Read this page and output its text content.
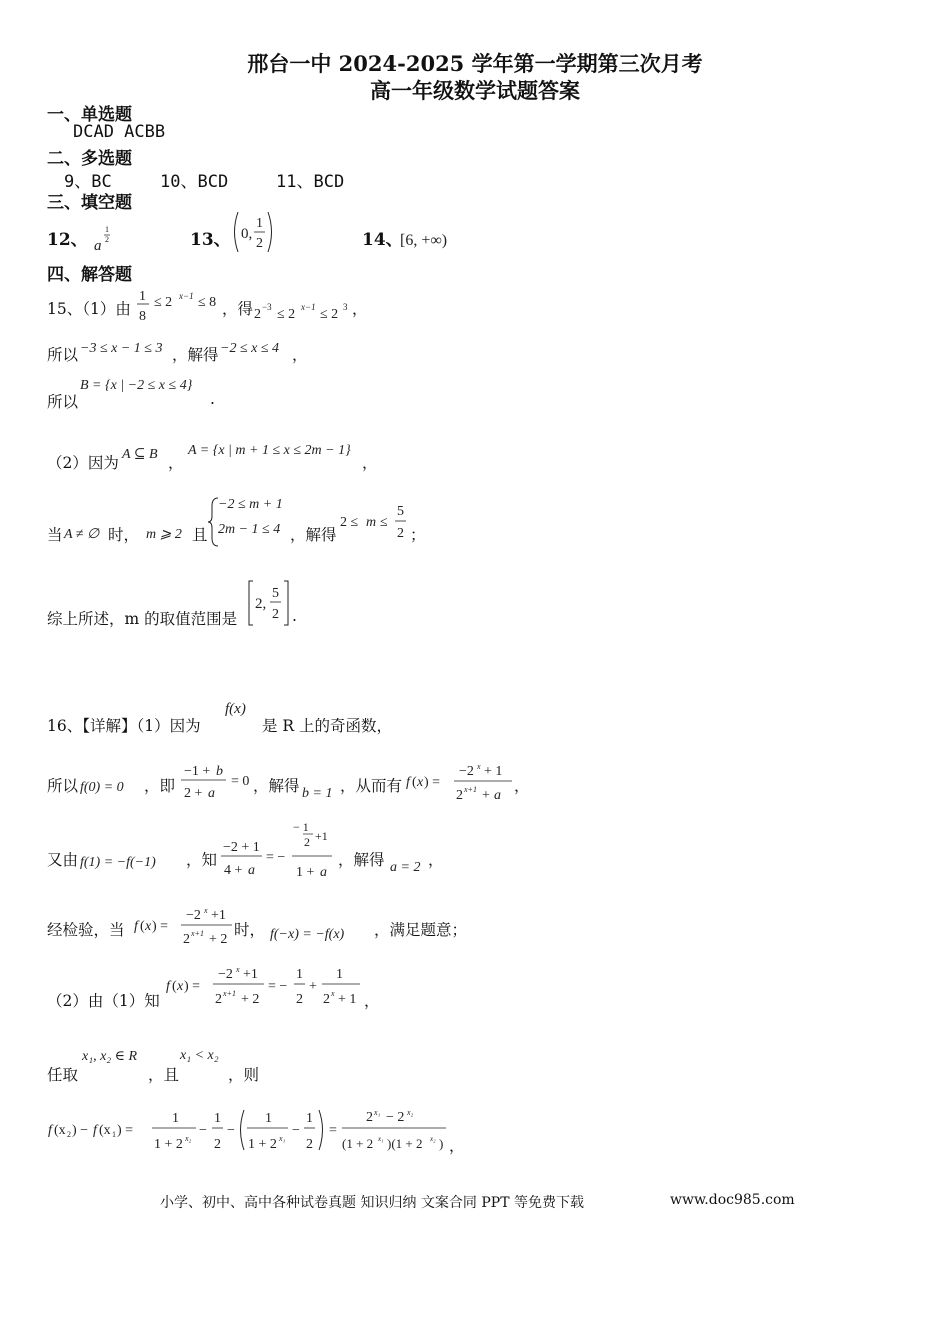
邢台一中 2024-2025 学年第一学期第三次月考
高一年级数学试题答案
一、单选题
DCAD ACBB
二、多选题
9、BC	10、BCD	11、BCD
三、填空题
12、 a
1
2	13、 0,
1
2	14、
[6, +∞)
四、解答题
15、（1）由
1
8
≤ 2 x−1 ≤ 8 ，得 2 −3 ≤ 2 x−1 ≤ 2 3 ，
所以 −3 ≤ x − 1 ≤ 3 ，解得 −2 ≤ x ≤ 4 ，
所以
B = {x | −2 ≤ x ≤ 4}
.
（2）因为 A ⊆ B ，
A = {x | m + 1 ≤ x ≤ 2m − 1}
，
当 A ≠ ∅ 时， m ⩾ 2 且
−2 ≤ m + 1
2m − 1 ≤ 4 ，解得
2 ≤ m ≤
5
2 ；
综上所述，m 的取值范围是
2,
5
2 .
16、【详解】（1）因为
f(x)
是 R 上的奇函数，
所以 f(0) = 0 ，即
−1 + b
2 + a
= 0 ，解得 b = 1 ，从而有 f ( x ) =
−2 x + 1
2 x+1 + a
，
又由 f(1) = −f(−1) ，知
−2 + 1
4 + a
= −
− 1
2 +1
1 + a
，解得 a = 2 ，
经检验，当 f ( x ) =
−2 x +1
2 x+1 + 2
时， f(−x) = −f(x) ，满足题意；
（2）由（1）知
f ( x ) =
−2 x +1
2 x+1 + 2
= −
1
2
+
1
2 x + 1 ，
任取
x₁, x₂ ∈ R
，且
x₁ < x₂
，则
f (x 2 ) − f (x 1 ) =
1
1 + 2 x₂
−
1
2
−
1
1 + 2 x₁
−
1
2
=
2 x₁ − 2 x₂
(1 + 2 x₁ )(1 + 2 x₂ ) ，
小学、初中、高中各种试卷真题 知识归纳 文案合同 PPT 等免费下载	www.doc985.com
